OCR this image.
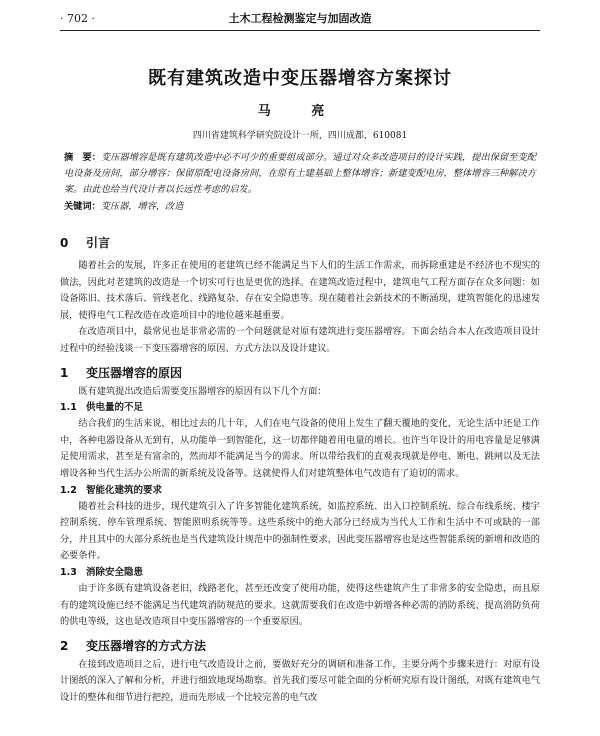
· 702 ·	土木工程检测鉴定与加固改造
既有建筑改造中变压器增容方案探讨
马 亮
四川省建筑科学研究院设计一所，四川成都，610081
摘　要：变压器增容是既有建筑改造中必不可少的重要组成部分。通过对众多改造项目的设计实践，提出保留至变配电设备及房间，部分增容；保留原配电设备房间，在原有土建基础上整体增容；新建变配电房，整体增容三种解决方案。由此也给当代设计者以长远性考虑的启发。
关键词：变压器，增容，改造
0 引言

随着社会的发展，许多正在使用的老建筑已经不能满足当下人们的生活工作需求，而拆除重建是不经济也不现实的做法，因此对老建筑的改造是一个切实可行也是更优的选择。在建筑改造过程中，建筑电气工程方面存在众多问题：如设备陈旧、技术落后、管线老化、线路复杂、存在安全隐患等。现在随着社会新技术的不断涌现，建筑智能化的迅速发展，使得电气工程改造在改造项目中的地位越来越重要。

在改造项目中，最常见也是非常必需的一个问题就是对原有建筑进行变压器增容。下面会结合本人在改造项目设计过程中的经验浅谈一下变压器增容的原因、方式方法以及设计建议。

1 变压器增容的原因

既有建筑提出改造后需要变压器增容的原因有以下几个方面：

1.1 供电量的不足

结合我们的生活来说，相比过去的几十年，人们在电气设备的使用上发生了翻天覆地的变化，无论生活中还是工作中，各种电器设备从无到有，从功能单一到智能化，这一切都伴随着用电量的增长。也许当年设计的用电容量是足够满足使用需求，甚至是有富余的，然而却不能满足当今的需求。所以带给我们的直观表现就是停电、断电、跳闸以及无法增设各种当代生活办公所需的新系统及设备等。这就使得人们对建筑整体电气改造有了迫切的需求。

1.2 智能化建筑的要求

随着社会科技的进步，现代建筑引入了许多智能化建筑系统，如监控系统、出入口控制系统、综合布线系统、楼宇控制系统、停车管理系统、智能照明系统等等。这些系统中的绝大部分已经成为当代人工作和生活中不可或缺的一部分，并且其中的大部分系统也是当代建筑设计规范中的强制性要求，因此变压器增容也是这些智能系统的新增和改造的必要条件。

1.3 消除安全隐患

由于许多既有建筑设备老旧，线路老化，甚至还改变了使用功能，使得这些建筑产生了非常多的安全隐患，而且原有的建筑设施已经不能满足当代建筑消防规范的要求。这就需要我们在改造中新增各种必需的消防系统、提高消防负荷的供电等级，这也是改造项目中变压器增容的一个重要原因。

2 变压器增容的方式方法

在接到改造项目之后，进行电气改造设计之前，要做好充分的调研和准备工作，主要分两个步骤来进行：对原有设计图纸的深入了解和分析，并进行细致地现场勘察。首先我们要尽可能全面的分析研究原有设计图纸，对既有建筑电气设计的整体和细节进行把控，进而先形成一个比较完善的电气改
